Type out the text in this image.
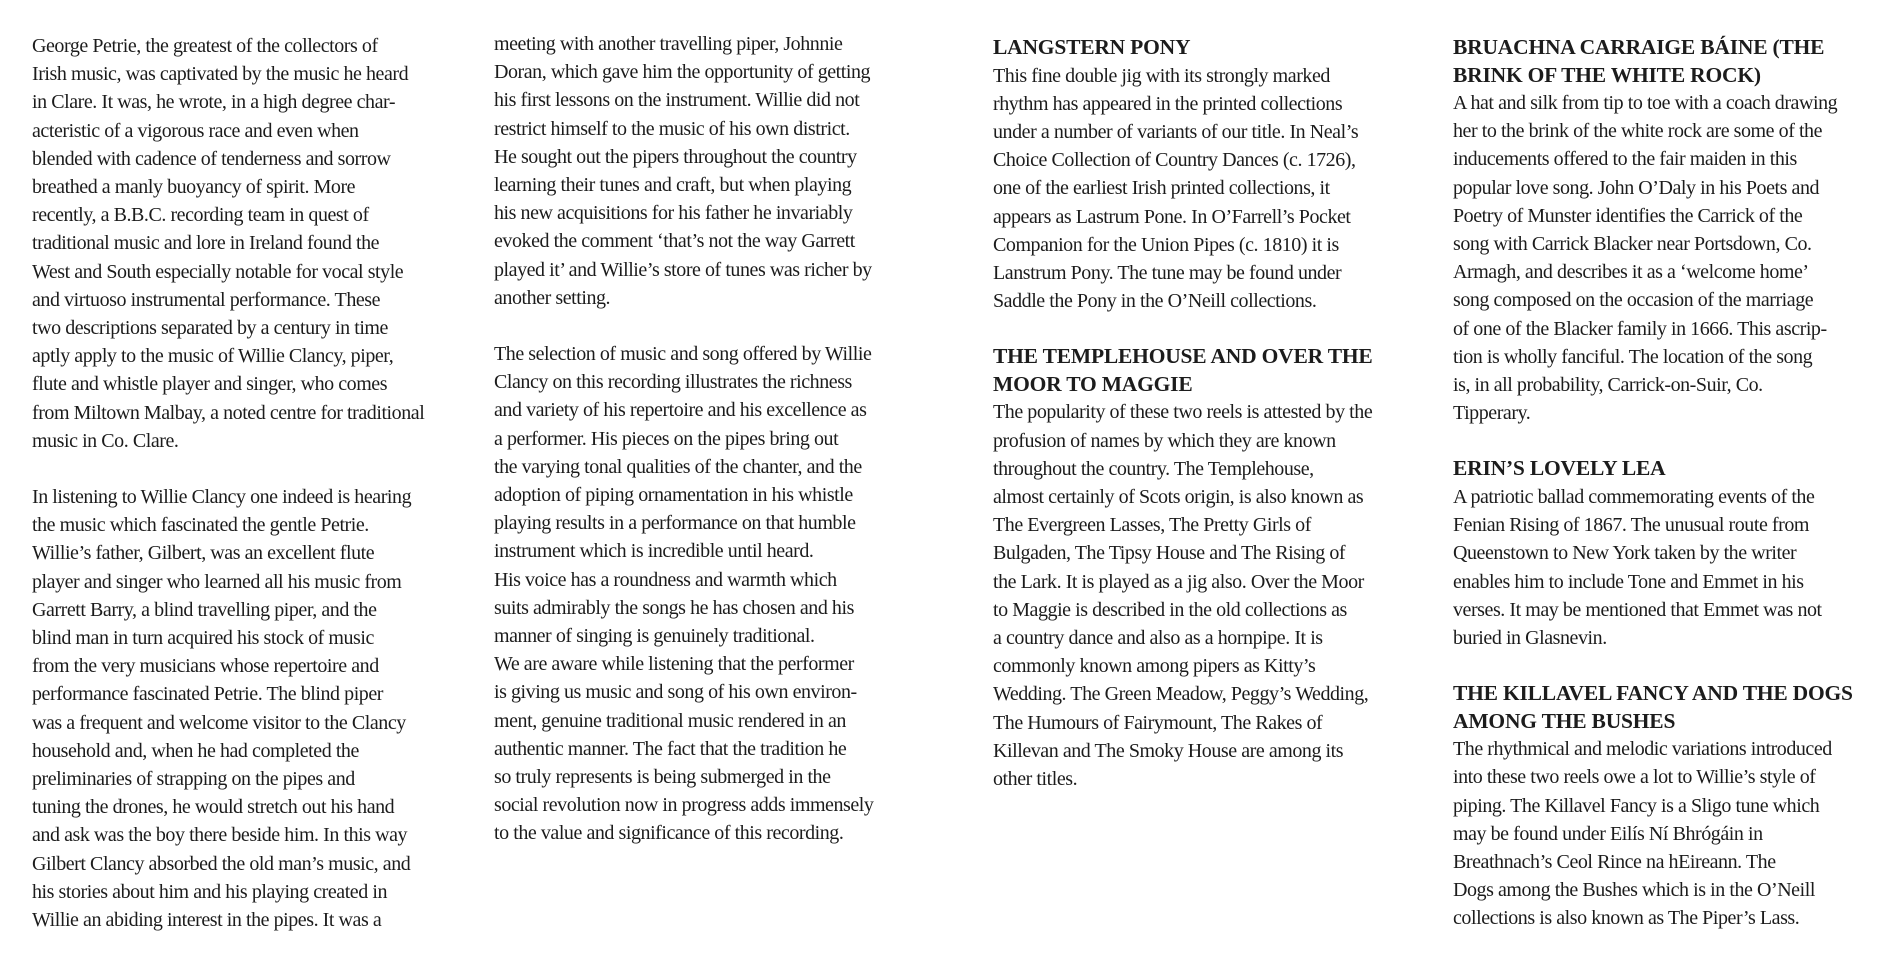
George Petrie, the greatest of the collectors of
Irish music, was captivated by the music he heard
in Clare. It was, he wrote, in a high degree char-
acteristic of a vigorous race and even when
blended with cadence of tenderness and sorrow
breathed a manly buoyancy of spirit. More
recently, a B.B.C. recording team in quest of
traditional music and lore in Ireland found the
West and South especially notable for vocal style
and virtuoso instrumental performance. These
two descriptions separated by a century in time
aptly apply to the music of Willie Clancy, piper,
flute and whistle player and singer, who comes
from Miltown Malbay, a noted centre for traditional
music in Co. Clare.

In listening to Willie Clancy one indeed is hearing
the music which fascinated the gentle Petrie.
Willie’s father, Gilbert, was an excellent flute
player and singer who learned all his music from
Garrett Barry, a blind travelling piper, and the
blind man in turn acquired his stock of music
from the very musicians whose repertoire and
performance fascinated Petrie. The blind piper
was a frequent and welcome visitor to the Clancy
household and, when he had completed the
preliminaries of strapping on the pipes and
tuning the drones, he would stretch out his hand
and ask was the boy there beside him. In this way
Gilbert Clancy absorbed the old man’s music, and
his stories about him and his playing created in
Willie an abiding interest in the pipes. It was a

meeting with another travelling piper, Johnnie
Doran, which gave him the opportunity of getting
his first lessons on the instrument. Willie did not
restrict himself to the music of his own district.
He sought out the pipers throughout the country
learning their tunes and craft, but when playing
his new acquisitions for his father he invariably
evoked the comment ‘that’s not the way Garrett
played it’ and Willie’s store of tunes was richer by
another setting.

The selection of music and song offered by Willie
Clancy on this recording illustrates the richness
and variety of his repertoire and his excellence as
a performer. His pieces on the pipes bring out
the varying tonal qualities of the chanter, and the
adoption of piping ornamentation in his whistle
playing results in a performance on that humble
instrument which is incredible until heard.

His voice has a roundness and warmth which
suits admirably the songs he has chosen and his
manner of singing is genuinely traditional.

We are aware while listening that the performer
is giving us music and song of his own environ-
ment, genuine traditional music rendered in an
authentic manner. The fact that the tradition he
so truly represents is being submerged in the
social revolution now in progress adds immensely
to the value and significance of this recording.

LANGSTERN PONY

This fine double jig with its strongly marked
rhythm has appeared in the printed collections
under a number of variants of our title. In Neal’s
Choice Collection of Country Dances (c. 1726),
one of the earliest Irish printed collections, it
appears as Lastrum Pone. In O’Farrell’s Pocket
Companion for the Union Pipes (c. 1810) it is
Lanstrum Pony. The tune may be found under
Saddle the Pony in the O’Neill collections.

THE TEMPLEHOUSE AND OVER THE
MOOR TO MAGGIE

The popularity of these two reels is attested by the
profusion of names by which they are known
throughout the country. The Templehouse,
almost certainly of Scots origin, is also known as
The Evergreen Lasses, The Pretty Girls of
Bulgaden, The Tipsy House and The Rising of
the Lark. It is played as a jig also. Over the Moor
to Maggie is described in the old collections as
a country dance and also as a hornpipe. It is
commonly known among pipers as Kitty’s
Wedding. The Green Meadow, Peggy’s Wedding,
The Humours of Fairymount, The Rakes of
Killevan and The Smoky House are among its
other titles.

BRUACHNA CARRAIGE BÁINE (THE
BRINK OF THE WHITE ROCK)

A hat and silk from tip to toe with a coach drawing
her to the brink of the white rock are some of the
inducements offered to the fair maiden in this
popular love song. John O’Daly in his Poets and
Poetry of Munster identifies the Carrick of the
song with Carrick Blacker near Portsdown, Co.
Armagh, and describes it as a ‘welcome home’
song composed on the occasion of the marriage
of one of the Blacker family in 1666. This ascrip-
tion is wholly fanciful. The location of the song
is, in all probability, Carrick-on-Suir, Co.
Tipperary.

ERIN’S LOVELY LEA

A patriotic ballad commemorating events of the
Fenian Rising of 1867. The unusual route from
Queenstown to New York taken by the writer
enables him to include Tone and Emmet in his
verses. It may be mentioned that Emmet was not
buried in Glasnevin.

THE KILLAVEL FANCY AND THE DOGS
AMONG THE BUSHES

The rhythmical and melodic variations introduced
into these two reels owe a lot to Willie’s style of
piping. The Killavel Fancy is a Sligo tune which
may be found under Eilís Ní Bhrógáin in
Breathnach’s Ceol Rince na hEireann. The
Dogs among the Bushes which is in the O’Neill
collections is also known as The Piper’s Lass.
